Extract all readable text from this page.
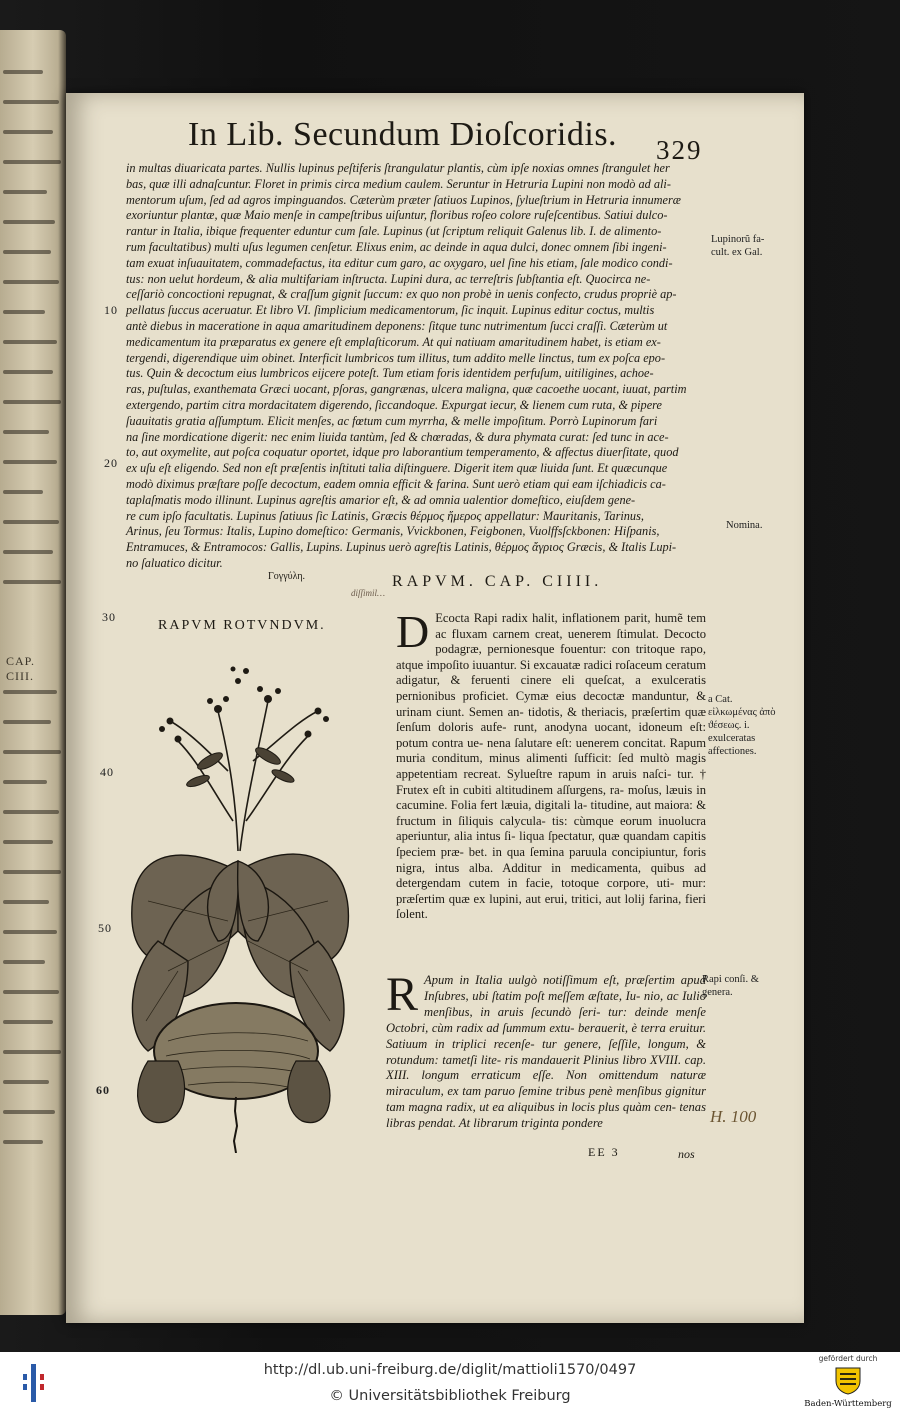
CAP. CIII.
In Lib. Secundum Dioſcoridis. 329

in multas diuaricata partes. Nullis lupinus peſtiferis ſtrangulatur plantis, cùm ipſe noxias omnes ſtrangulet her

bas, quæ illi adnaſcuntur. Floret in primis circa medium caulem. Seruntur in Hetruria Lupini non modò ad ali-

mentorum uſum, ſed ad agros impinguandos. Cæterùm præter ſatiuos Lupinos, ſylueſtrium in Hetruria innumeræ

exoriuntur plantæ, quæ Maio menſe in campeſtribus uiſuntur, floribus roſeo colore ruſeſcentibus. Satiui dulco-

rantur in Italia, ibique frequenter eduntur cum ſale. Lupinus (ut ſcriptum reliquit Galenus lib. I. de alimento-

rum facultatibus) multi uſus legumen cenſetur. Elixus enim, ac deinde in aqua dulci, donec omnem ſibi ingeni-

tam exuat inſuauitatem, commadefactus, ita editur cum garo, ac oxygaro, uel ſine his etiam, ſale modico condi-

tus: non uelut hordeum, & alia multifariam inſtructa. Lupini dura, ac terreſtris ſubſtantia eſt. Quocirca ne-

ceſſariò concoctioni repugnat, & craſſum gignit ſuccum: ex quo non probè in uenis confecto, crudus propriè ap-

pellatus ſuccus aceruatur. Et libro VI. ſimplicium medicamentorum, ſic inquit. Lupinus editur coctus, multis

antè diebus in maceratione in aqua amaritudinem deponens: ſitque tunc nutrimentum ſucci craſſi. Cæterùm ut

medicamentum ita præparatus ex genere eſt emplaſticorum. At qui natiuam amaritudinem habet, is etiam ex-

tergendi, digerendique uim obinet. Interficit lumbricos tum illitus, tum addito melle linctus, tum ex poſca epo-

tus. Quin & decoctum eius lumbricos eijcere poteſt. Tum etiam foris identidem perfuſum, uitiligines, achoe-

ras, puſtulas, exanthemata Græci uocant, pſoras, gangrænas, ulcera maligna, quæ cacoethe uocant, iuuat, partim

extergendo, partim citra mordacitatem digerendo, ſiccandoque. Expurgat iecur, & lienem cum ruta, & pipere

ſuauitatis gratia aſſumptum. Elicit menſes, ac fœtum cum myrrha, & melle impoſitum. Porrò Lupinorum fari

na ſine mordicatione digerit: nec enim liuida tantùm, ſed & chœradas, & dura phymata curat: ſed tunc in ace-

to, aut oxymelite, aut poſca coquatur oportet, idque pro laborantium temperamento, & affectus diuerſitate, quod

ex uſu eſt eligendo. Sed non eſt præſentis inſtituti talia diſtinguere. Digerit item quæ liuida ſunt. Et quæcunque

modò diximus præſtare poſſe decoctum, eadem omnia efficit & farina. Sunt uerò etiam qui eam iſchiadicis ca-

taplaſmatis modo illinunt. Lupinus agreſtis amarior eſt, & ad omnia ualentior domeſtico, eiuſdem gene-

re cum ipſo facultatis. Lupinus ſatiuus ſic Latinis, Græcis θέρμος ἥμερος appellatur: Mauritanis, Tarinus,

Arinus, ſeu Tormus: Italis, Lupino domeſtico: Germanis, Vvickbonen, Feigbonen, Vuolffsſckbonen: Hiſpanis,

Entramuces, & Entramocos: Gallis, Lupins. Lupinus uerò agreſtis Latinis, θέρμος ἄγριος Græcis, & Italis Lupi-

no ſaluatico dicitur.

Lupinorũ fa- cult. ex Gal.
Nomina.
a Cat. εἰλκωμένας ἀπὸ ϑέσεως. i. exulceratas affectiones.
Rapi conſi. & genera.
10
20
30
40
50
60
Γογγύλη.
diſſimil…
RAPVM. CAP. CIIII.
RAPVM ROTVNDVM. D Ecocta Rapi radix halit, inflationem parit, humẽ tem ac fluxam carnem creat, uenerem ſtimulat. Decocto podagræ, pernionesque fouentur: con tritoque rapo, atque impoſito iuuantur. Si excauatæ radici roſaceum ceratum adigatur, & feruenti cinere eli queſcat, a exulceratis pernionibus proficiet. Cymæ eius decoctæ manduntur, & urinam ciunt. Semen an- tidotis, & theriacis, præſertim quæ ſenſum doloris aufe- runt, anodyna uocant, idoneum eſt: potum contra ue- nena ſalutare eſt: uenerem concitat. Rapum muria conditum, minus alimenti ſufficit: ſed multò magis appetentiam recreat. Sylueſtre rapum in aruis naſci- tur. † Frutex eſt in cubiti altitudinem aſſurgens, ra- moſus, læuis in cacumine. Folia fert læuia, digitali la- titudine, aut maiora: & fructum in ſiliquis calycula- tis: cùmque eorum inuolucra aperiuntur, alia intus ſi- liqua ſpectatur, quæ quandam capitis ſpeciem præ- bet. in qua ſemina paruula concipiuntur, foris nigra, intus alba. Additur in medicamenta, quibus ad detergendam cutem in facie, totoque corpore, uti- mur: præſertim quæ ex lupini, aut erui, tritici, aut lolij farina, fieri ſolent.
R Apum in Italia uulgò notiſſimum eſt, præſertim apud Inſubres, ubi ſtatim poſt meſſem æſtate, Iu- nio, ac Iulio menſibus, in aruis ſecundò ſeri- tur: deinde menſe Octobri, cùm radix ad ſummum extu- berauerit, è terra eruitur. Satiuum in triplici recenſe- tur genere, ſeſſile, longum, & rotundum: tametſi lite- ris mandauerit Plinius libro XVIII. cap. XIII. longum erraticum eſſe. Non omittendum naturæ miraculum, ex tam paruo ſemine tribus penè menſibus gignitur tam magna radix, ut ea aliquibus in locis plus quàm cen- tenas libras pendat. At librarum triginta pondere
EE 3	nos
H. 100
http://dl.ub.uni-freiburg.de/diglit/mattioli1570/0497
© Universitätsbibliothek Freiburg
gefördert durch
Baden-Württemberg
